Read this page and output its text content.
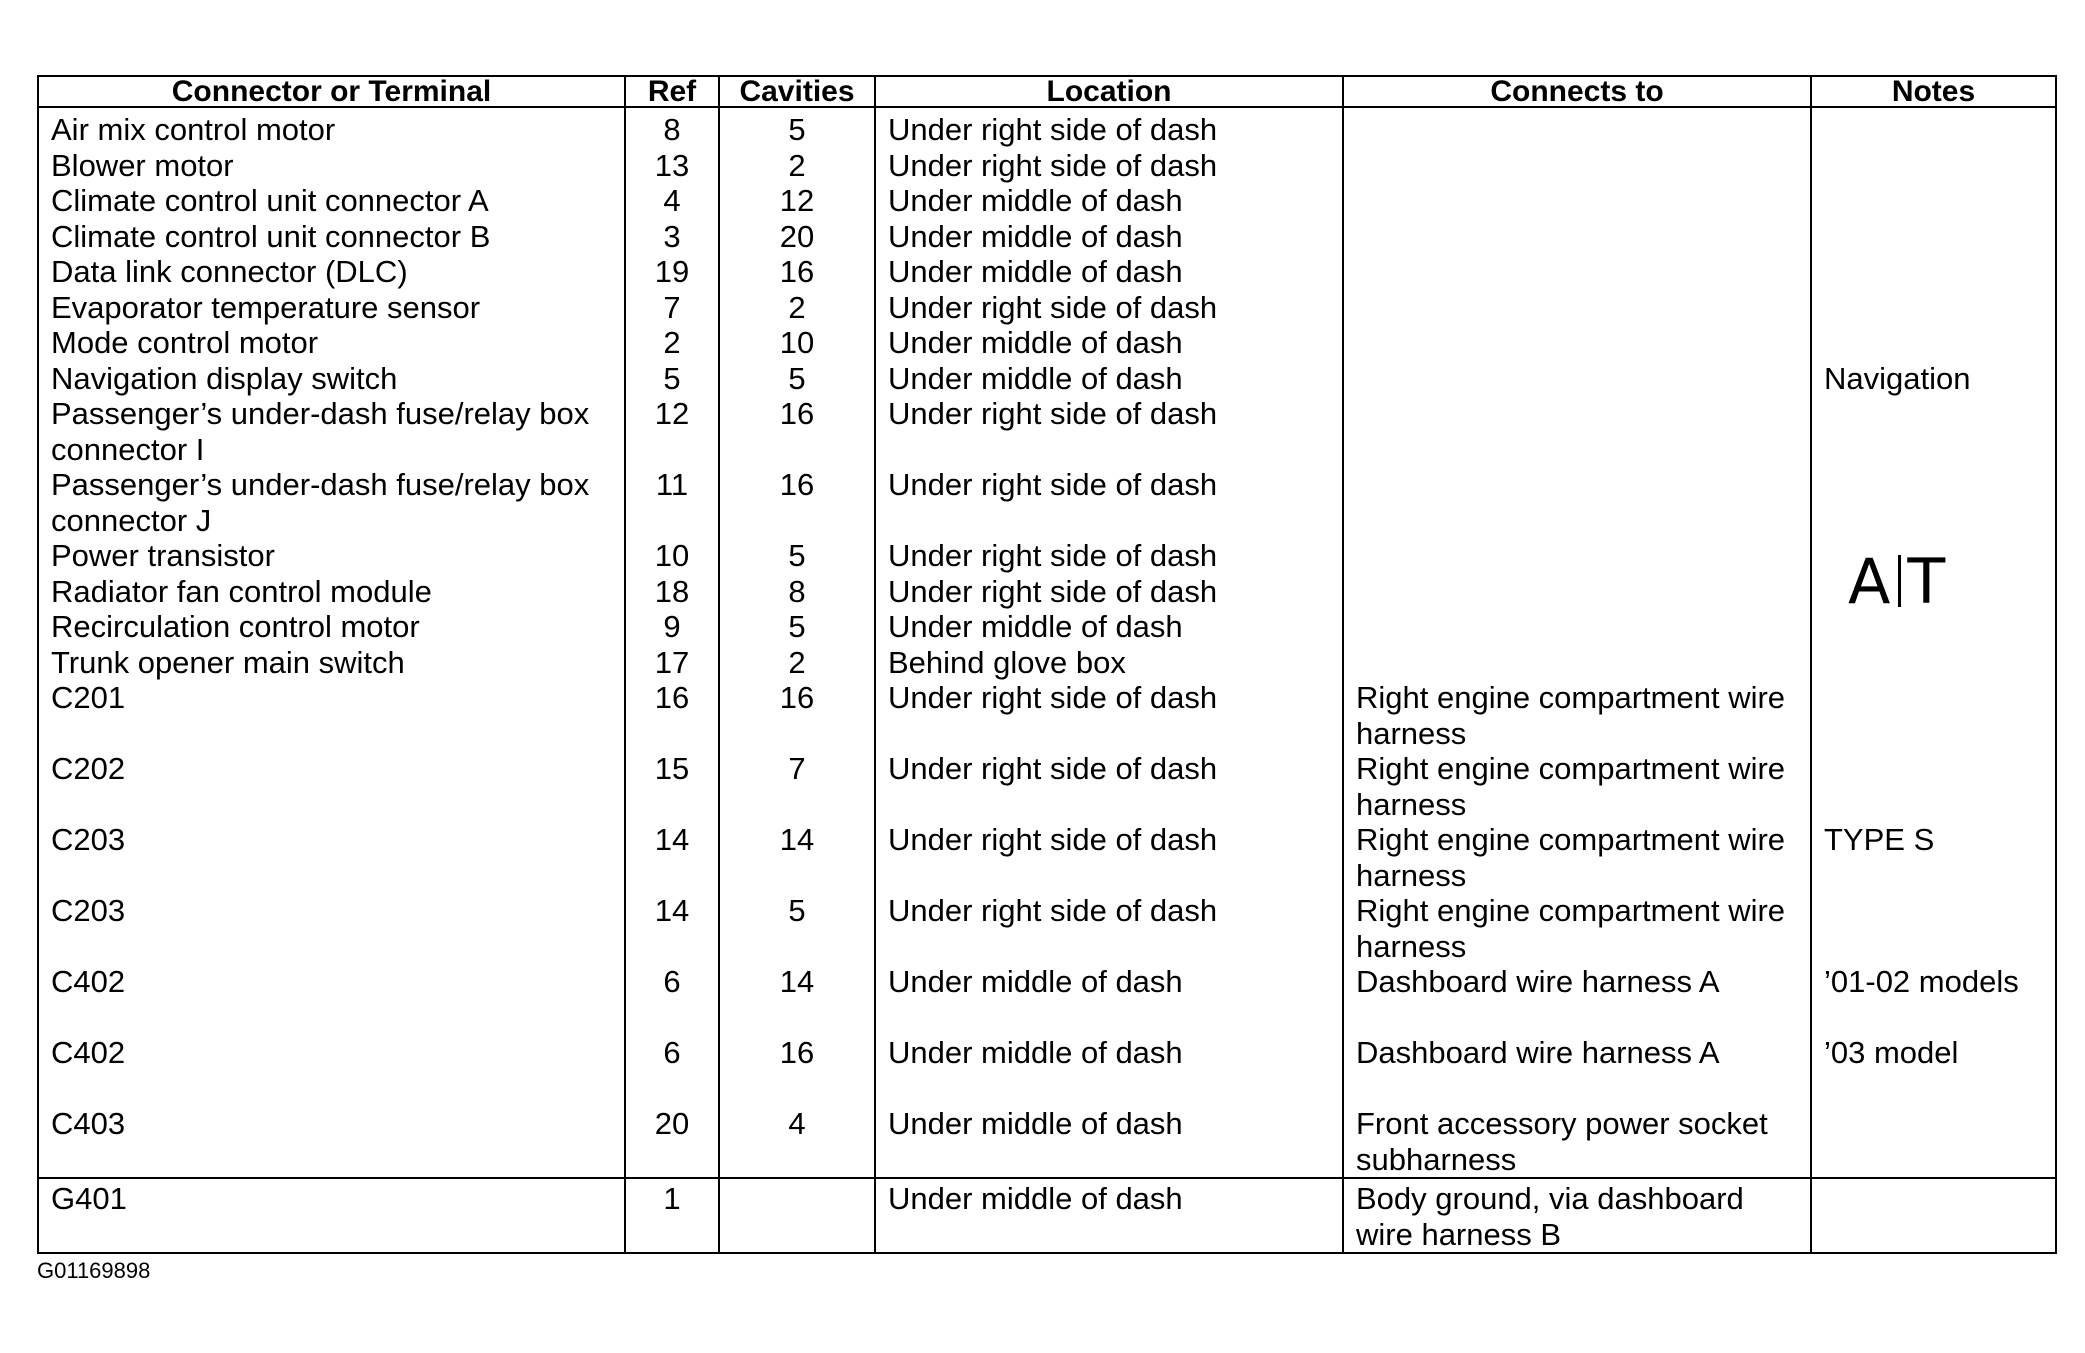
Connector or Terminal	Ref	Cavities	Location	Connects to	Notes
Air mix control motor	8	5	Under right side of dash		
Blower motor	13	2	Under right side of dash		
Climate control unit connector A	4	12	Under middle of dash		
Climate control unit connector B	3	20	Under middle of dash		
Data link connector (DLC)	19	16	Under middle of dash		
Evaporator temperature sensor	7	2	Under right side of dash		
Mode control motor	2	10	Under middle of dash		
Navigation display switch	5	5	Under middle of dash		Navigation
Passenger’s under-dash fuse/relay box connector I	12	16	Under right side of dash		
Passenger’s under-dash fuse/relay box connector J	11	16	Under right side of dash		
Power transistor	10	5	Under right side of dash		
Radiator fan control module	18	8	Under right side of dash		A T

Recirculation control motor	9	5	Under middle of dash		
Trunk opener main switch	17	2	Behind glove box		
C201	16	16	Under right side of dash	Right engine compartment wire harness	
C202	15	7	Under right side of dash	Right engine compartment wire harness	
C203	14	14	Under right side of dash	Right engine compartment wire harness	TYPE S
C203	14	5	Under right side of dash	Right engine compartment wire harness	
C402	6	14	Under middle of dash	Dashboard wire harness A	’01-02 models
C402	6	16	Under middle of dash	Dashboard wire harness A	’03 model
C403	20	4	Under middle of dash	Front accessory power socket subharness	
G401	1		Under middle of dash	Body ground, via dashboard wire harness B	
G01169898
